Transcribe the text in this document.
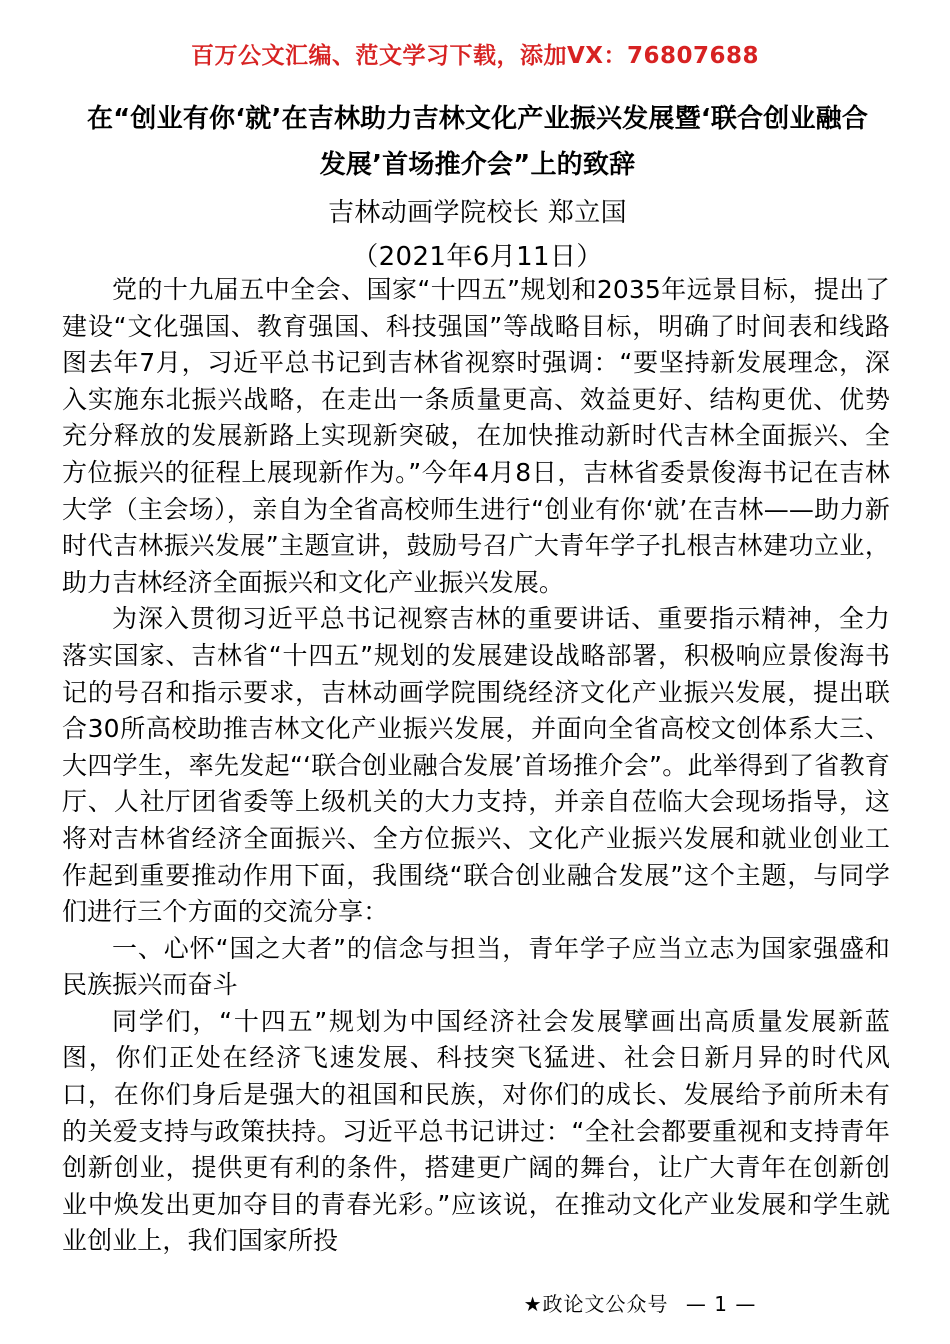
百万公文汇编、范文学习下载，添加VX：76807688
在“创业有你‘就’在吉林助力吉林文化产业振兴发展暨‘联合创业融合发展’首场推介会”上的致辞
吉林动画学院校长 郑立国
（2021年6月11日）

党的十九届五中全会、国家“十四五”规划和2035年远景目标，提出了建设“文化强国、教育强国、科技强国”等战略目标，明确了时间表和线路图去年7月，习近平总书记到吉林省视察时强调：“要坚持新发展理念，深入实施东北振兴战略，在走出一条质量更高、效益更好、结构更优、优势充分释放的发展新路上实现新突破，在加快推动新时代吉林全面振兴、全方位振兴的征程上展现新作为。”今年4月8日，吉林省委景俊海书记在吉林大学（主会场），亲自为全省高校师生进行“创业有你‘就’在吉林——助力新时代吉林振兴发展”主题宣讲，鼓励号召广大青年学子扎根吉林建功立业，助力吉林经济全面振兴和文化产业振兴发展。

为深入贯彻习近平总书记视察吉林的重要讲话、重要指示精神，全力落实国家、吉林省“十四五”规划的发展建设战略部署，积极响应景俊海书记的号召和指示要求，吉林动画学院围绕经济文化产业振兴发展，提出联合30所高校助推吉林文化产业振兴发展，并面向全省高校文创体系大三、大四学生，率先发起“‘联合创业融合发展’首场推介会”。此举得到了省教育厅、人社厅团省委等上级机关的大力支持，并亲自莅临大会现场指导，这将对吉林省经济全面振兴、全方位振兴、文化产业振兴发展和就业创业工作起到重要推动作用下面，我围绕“联合创业融合发展”这个主题，与同学们进行三个方面的交流分享：

一、心怀“国之大者”的信念与担当，青年学子应当立志为国家强盛和民族振兴而奋斗

同学们，“十四五”规划为中国经济社会发展擘画出高质量发展新蓝图，你们正处在经济飞速发展、科技突飞猛进、社会日新月异的时代风口，在你们身后是强大的祖国和民族，对你们的成长、发展给予前所未有的关爱支持与政策扶持。习近平总书记讲过：“全社会都要重视和支持青年创新创业，提供更有利的条件，搭建更广阔的舞台，让广大青年在创新创业中焕发出更加夺目的青春光彩。”应该说，在推动文化产业发展和学生就业创业上，我们国家所投

★政论文公众号 — 1 —
